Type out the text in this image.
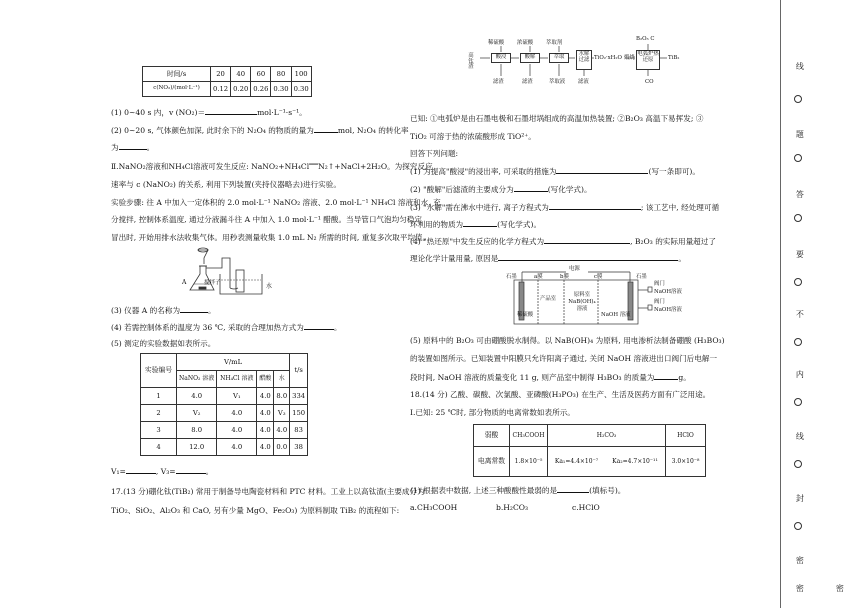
时间/s	20	40	60	80	100
c(NO₂)/(mol·L⁻¹)	0.12	0.20	0.26	0.30	0.30
(1) 0~40 s 内，v (NO₂)＝	mol·L⁻¹·s⁻¹。
(2) 0~20 s, 气体颜色加深, 此时余下的 N₂O₄ 的物质的量为	mol, N₂O₄ 的转化率
为	。
Ⅱ.NaNO₂溶液和NH₄Cl溶液可发生反应: NaNO₂+NH₄Cl═══N₂↑+NaCl+2H₂O。为探究反应
速率与 c (NaNO₂) 的关系, 利用下列装置(夹持仪器略去)进行实验。
实验步骤: 往 A 中加入一定体积的 2.0 mol·L⁻¹ NaNO₂ 溶液、2.0 mol·L⁻¹ NH₄Cl 溶液和水, 充
分搅拌, 控制体系温度, 通过分液漏斗往 A 中加入 1.0 mol·L⁻¹ 醋酸。当导管口气泡均匀稳定
冒出时, 开始用排水法收集气体。用秒表测量收集 1.0 mL N₂ 所需的时间, 重复多次取平均值。
A	搅拌子	水
(3) 仪器 A 的名称为	。
(4) 若需控制体系的温度为 36 ℃, 采取的合理加热方式为	。
(5) 测定的实验数据如表所示。
实验编号	V/mL				t/s
	NaNO₂ 溶液	NH₄Cl 溶液	醋酸	水	
1	4.0	V₁	4.0	8.0	334
2	V₂	4.0	4.0	V₃	150
3	8.0	4.0	4.0	4.0	83
4	12.0	4.0	4.0	0.0	38
V₁=	, V₃=	。
17.(13 分)硼化钛(TiB₂) 常用于制备导电陶瓷材料和 PTC 材料。工业上以高钛渣(主要成分为
TiO₂、SiO₂、Al₂O₃ 和 CaO, 另有少量 MgO、Fe₂O₃) 为原料制取 TiB₂ 的流程如下:
稀硫酸 浓硫酸 萃取剂
高钛渣
酸浸	酸解	萃取	水解过滤 TiO₂·xH₂O 煅烧
B₂O₃ C
电弧炉热还原	TiB₂
滤渣	滤渣	萃取液 滤液	CO
已知: ①电弧炉是由石墨电极和石墨坩埚组成的高温加热装置; ②B₂O₃ 高温下易挥发; ③
TiO₂ 可溶于热的浓硫酸形成 TiO²⁺。
回答下列问题:
(1) 为提高"酸浸"的浸出率, 可采取的措施为	(写一条即可)。
(2) "酸解"后滤渣的主要成分为	(写化学式)。
(3) "水解"需在沸水中进行, 离子方程式为	; 该工艺中, 经处理可循
环利用的物质为	(写化学式)。
(4) "热还原"中发生反应的化学方程式为	, B₂O₃ 的实际用量超过了
理论化学计量用量, 原因是	。
电源
石墨	石墨
a膜	b膜	c膜
稀硫酸
产品室
原料室 NaB(OH)₄ 溶液
NaOH 溶液
阀门
NaOH溶液
阀门
NaOH溶液
(5) 原料中的 B₂O₃ 可由硼酸脱水制得。以 NaB(OH)₄ 为原料, 用电渗析法制备硼酸 (H₃BO₃)
的装置如图所示。已知装置中阳膜只允许阳离子通过, 关闭 NaOH 溶液进出口阀门后电解一
段时间, NaOH 溶液的质量变化 11 g, 则产品室中制得 H₃BO₃ 的质量为	g。
18.(14 分) 乙酸、碳酸、次氯酸、亚磷酸(H₃PO₃) 在生产、生活及医药方面有广泛用途。
Ⅰ.已知: 25 ℃时, 部分物质的电离常数如表所示。
弱酸	CH₃COOH	H₂CO₃		HClO
电离常数	1.8×10⁻⁵	Ka₁=4.4×10⁻⁷	Ka₂=4.7×10⁻¹¹	3.0×10⁻⁸
(1) 根据表中数据, 上述三种酸酸性最弱的是	(填标号)。
a.CH₃COOH	b.H₂CO₃	c.HClO
线
题
答
要
不
内
线
封
密
密	密
